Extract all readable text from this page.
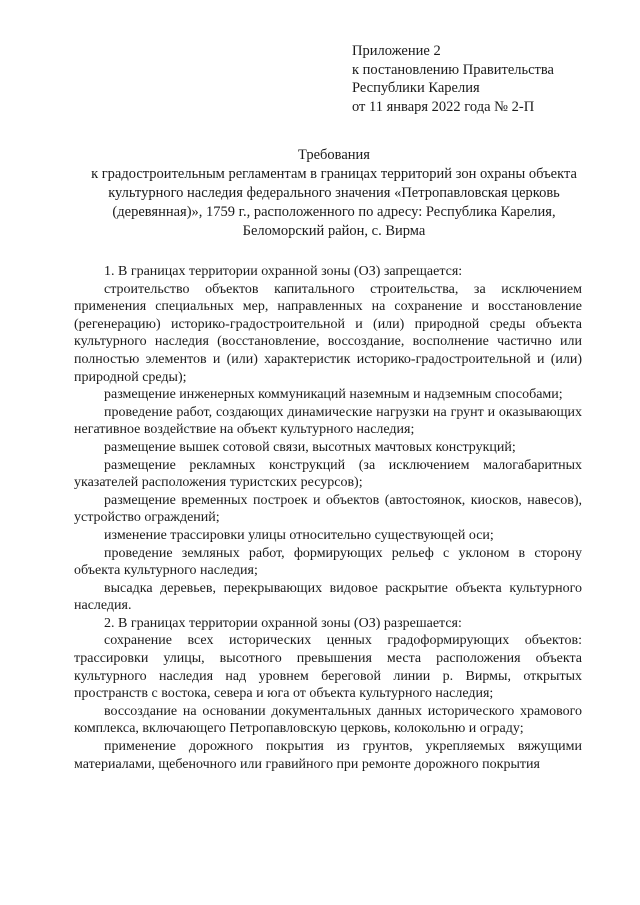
Приложение 2
к постановлению Правительства
Республики Карелия
от 11 января 2022 года № 2-П
Требования
к градостроительным регламентам в границах территорий зон охраны объекта
культурного наследия федерального значения «Петропавловская церковь
(деревянная)», 1759 г., расположенного по адресу: Республика Карелия,
Беломорский район, с. Вирма

1. В границах территории охранной зоны (ОЗ) запрещается:

строительство объектов капитального строительства, за исключением применения специальных мер, направленных на сохранение и восстановление (регенерацию) историко-градостроительной и (или) природной среды объекта культурного наследия (восстановление, воссоздание, восполнение частично или полностью элементов и (или) характеристик историко-градостроительной и (или) природной среды);

размещение инженерных коммуникаций наземным и надземным способами;

проведение работ, создающих динамические нагрузки на грунт и оказывающих негативное воздействие на объект культурного наследия;

размещение вышек сотовой связи, высотных мачтовых конструкций;

размещение рекламных конструкций (за исключением малогабаритных указателей расположения туристских ресурсов);

размещение временных построек и объектов (автостоянок, киосков, навесов), устройство ограждений;

изменение трассировки улицы относительно существующей оси;

проведение земляных работ, формирующих рельеф с уклоном в сторону объекта культурного наследия;

высадка деревьев, перекрывающих видовое раскрытие объекта культурного наследия.

2. В границах территории охранной зоны (ОЗ) разрешается:

сохранение всех исторических ценных градоформирующих объектов: трассировки улицы, высотного превышения места расположения объекта культурного наследия над уровнем береговой линии р. Вирмы, открытых пространств с востока, севера и юга от объекта культурного наследия;

воссоздание на основании документальных данных исторического храмового комплекса, включающего Петропавловскую церковь, колокольню и ограду;

применение дорожного покрытия из грунтов, укрепляемых вяжущими материалами, щебеночного или гравийного при ремонте дорожного покрытия
